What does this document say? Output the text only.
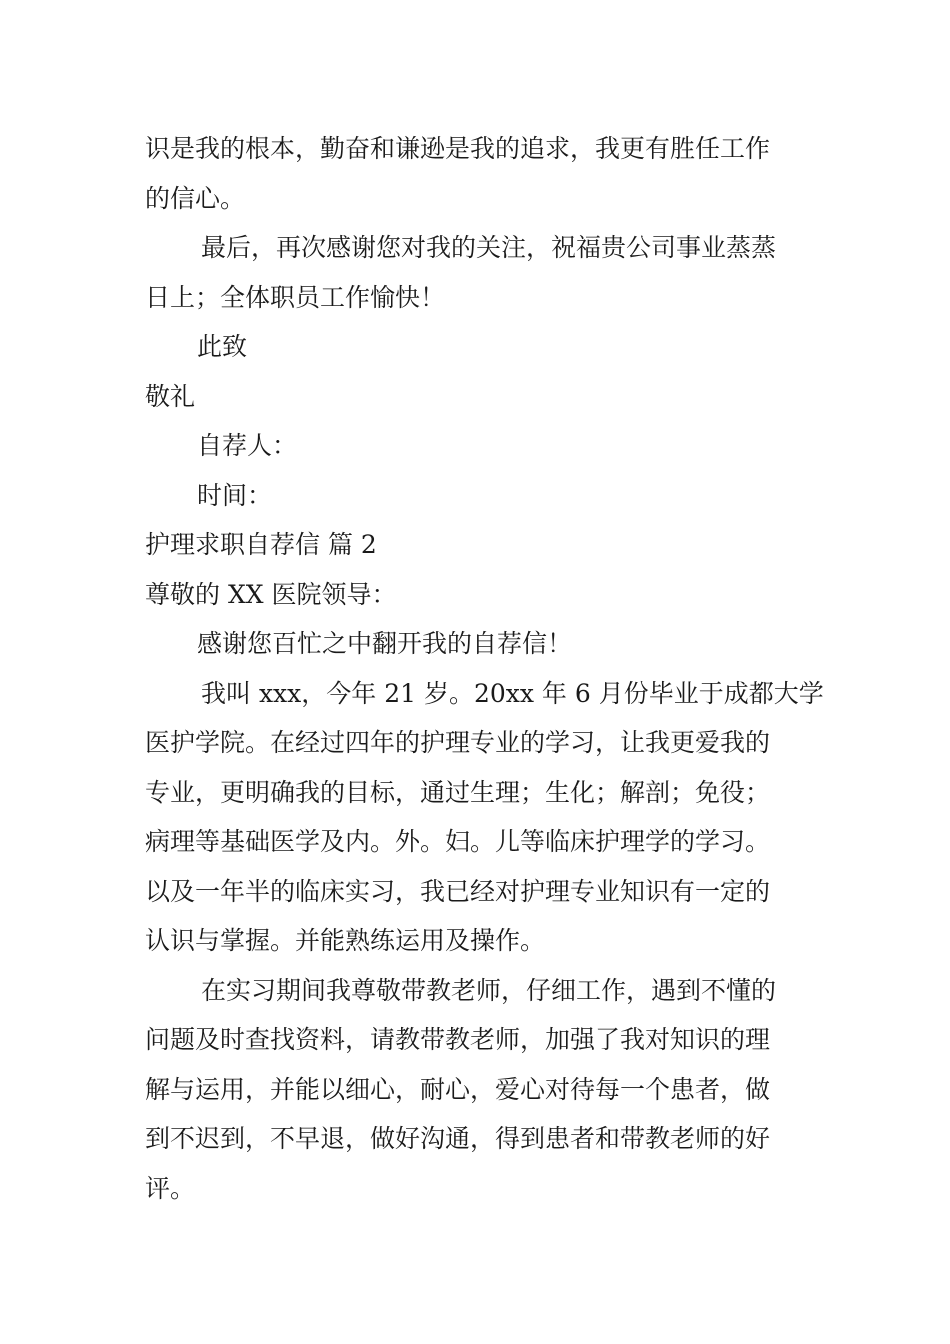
识是我的根本，勤奋和谦逊是我的追求，我更有胜任工作
的信心。
最后，再次感谢您对我的关注，祝福贵公司事业蒸蒸
日上；全体职员工作愉快！
此致
敬礼
自荐人：
时间：
护理求职自荐信 篇 2
尊敬的 XX 医院领导：
感谢您百忙之中翻开我的自荐信！
我叫 xxx，今年 21 岁。20xx 年 6 月份毕业于成都大学
医护学院。在经过四年的护理专业的学习，让我更爱我的
专业，更明确我的目标，通过生理；生化；解剖；免役；
病理等基础医学及内。外。妇。儿等临床护理学的学习。
以及一年半的临床实习，我已经对护理专业知识有一定的
认识与掌握。并能熟练运用及操作。
在实习期间我尊敬带教老师，仔细工作，遇到不懂的
问题及时查找资料，请教带教老师，加强了我对知识的理
解与运用，并能以细心，耐心，爱心对待每一个患者，做
到不迟到，不早退，做好沟通，得到患者和带教老师的好
评。
